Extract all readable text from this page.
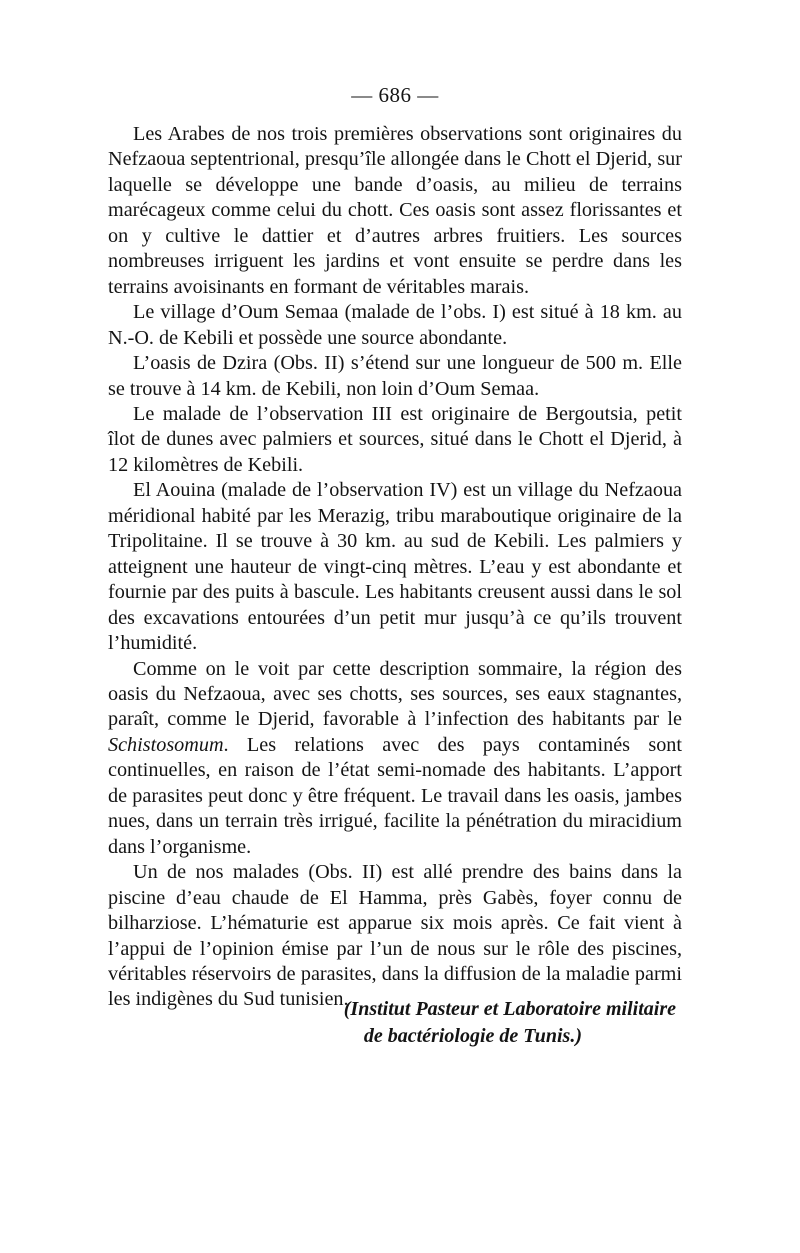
— 686 —

Les Arabes de nos trois premières observations sont originaires du Nefzaoua septentrional, presqu’île allongée dans le Chott el Djerid, sur laquelle se développe une bande d’oasis, au milieu de terrains marécageux comme celui du chott. Ces oasis sont assez florissantes et on y cultive le dattier et d’autres arbres fruitiers. Les sources nombreuses irriguent les jardins et vont ensuite se perdre dans les terrains avoisinants en formant de véritables marais.

Le village d’Oum Semaa (malade de l’obs. I) est situé à 18 km. au N.-O. de Kebili et possède une source abondante.

L’oasis de Dzira (Obs. II) s’étend sur une longueur de 500 m. Elle se trouve à 14 km. de Kebili, non loin d’Oum Semaa.

Le malade de l’observation III est originaire de Bergoutsia, petit îlot de dunes avec palmiers et sources, situé dans le Chott el Djerid, à 12 kilomètres de Kebili.

El Aouina (malade de l’observation IV) est un village du Nefzaoua méridional habité par les Merazig, tribu maraboutique originaire de la Tripolitaine. Il se trouve à 30 km. au sud de Kebili. Les palmiers y atteignent une hauteur de vingt-cinq mètres. L’eau y est abondante et fournie par des puits à bascule. Les habitants creusent aussi dans le sol des excavations entourées d’un petit mur jusqu’à ce qu’ils trouvent l’humidité.

Comme on le voit par cette description sommaire, la région des oasis du Nefzaoua, avec ses chotts, ses sources, ses eaux stagnantes, paraît, comme le Djerid, favorable à l’infection des habitants par le Schistosomum. Les relations avec des pays contaminés sont continuelles, en raison de l’état semi-nomade des habitants. L’apport de parasites peut donc y être fréquent. Le travail dans les oasis, jambes nues, dans un terrain très irrigué, facilite la pénétration du miracidium dans l’organisme.

Un de nos malades (Obs. II) est allé prendre des bains dans la piscine d’eau chaude de El Hamma, près Gabès, foyer connu de bilharziose. L’hématurie est apparue six mois après. Ce fait vient à l’appui de l’opinion émise par l’un de nous sur le rôle des piscines, véritables réservoirs de parasites, dans la diffusion de la maladie parmi les indigènes du Sud tunisien.

(Institut Pasteur et Laboratoire militaire
de bactériologie de Tunis.)
